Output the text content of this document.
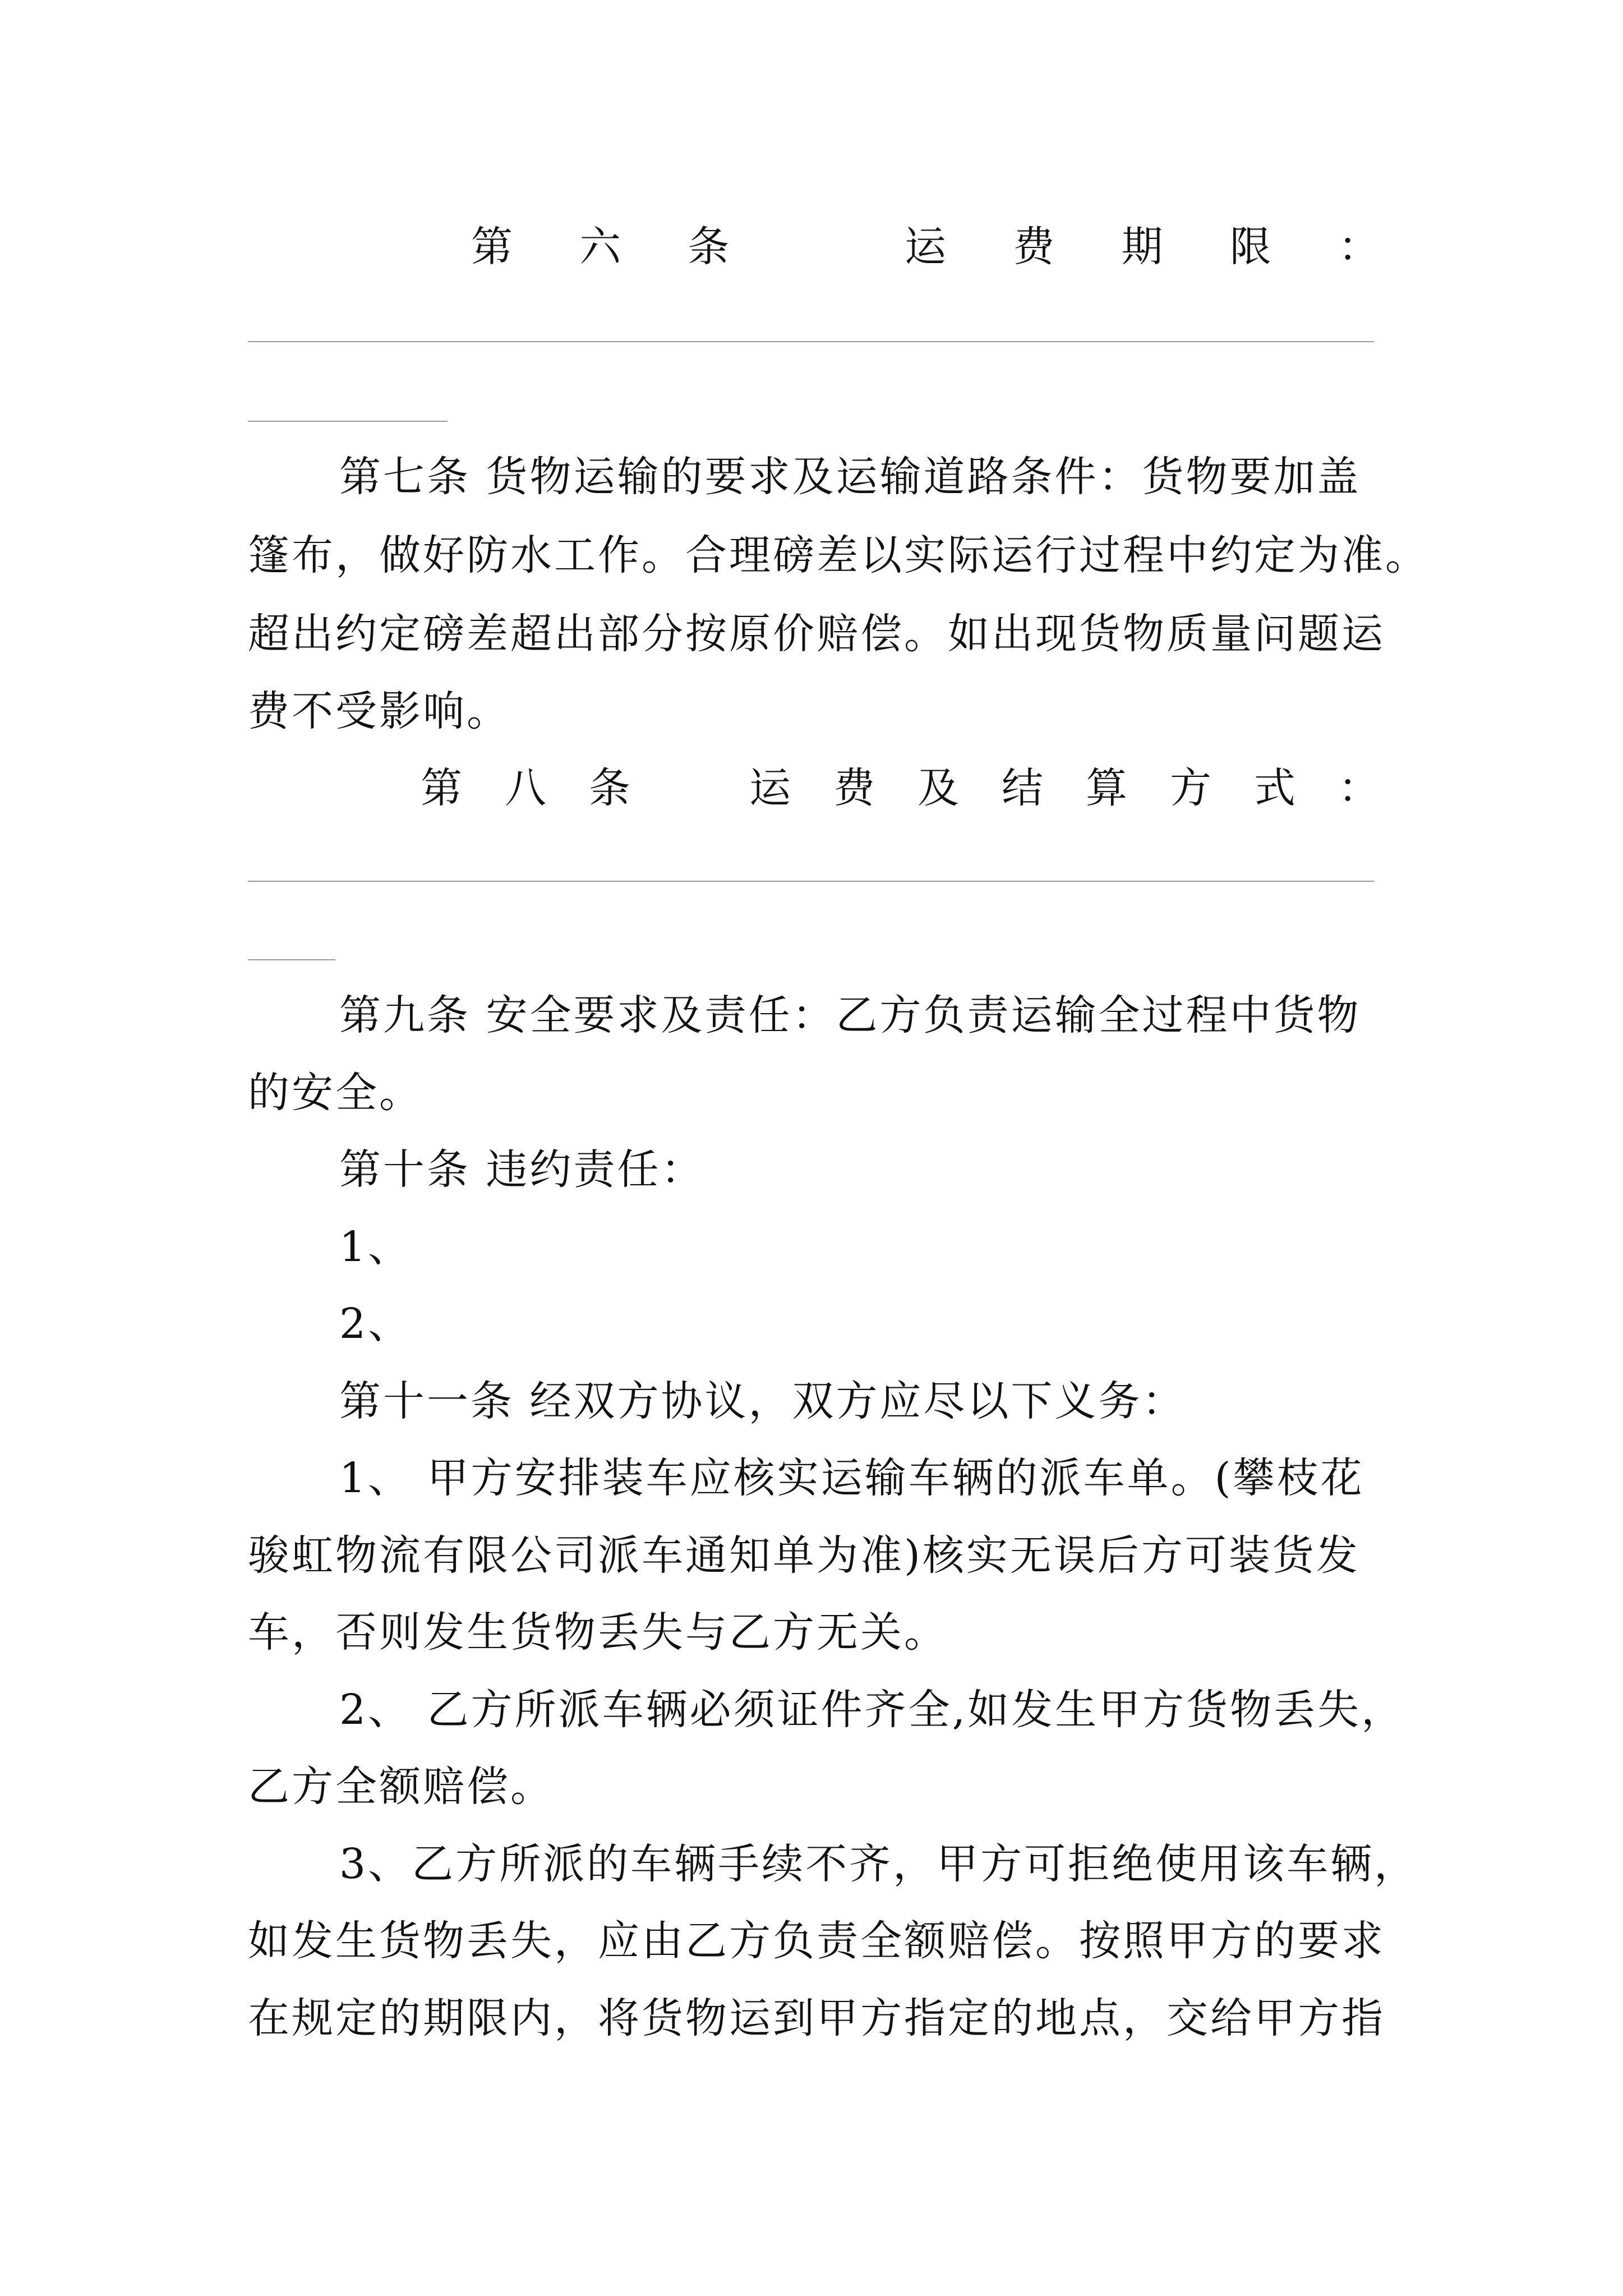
第 六 条	运 费 期 限 ：
第七条 货物运输的要求及运输道路条件：货物要加盖
篷布，做好防水工作。合理磅差以实际运行过程中约定为准。
超出约定磅差超出部分按原价赔偿。如出现货物质量问题运
费不受影响。
第 八 条	运 费 及 结 算 方 式 ：
第九条 安全要求及责任：乙方负责运输全过程中货物
的安全。
第十条 违约责任：
1、
2、
第十一条 经双方协议，双方应尽以下义务：
1、 甲方安排装车应核实运输车辆的派车单。(攀枝花
骏虹物流有限公司派车通知单为准)核实无误后方可装货发
车，否则发生货物丢失与乙方无关。
2、 乙方所派车辆必须证件齐全,如发生甲方货物丢失，
乙方全额赔偿。
3、乙方所派的车辆手续不齐，甲方可拒绝使用该车辆，
如发生货物丢失，应由乙方负责全额赔偿。按照甲方的要求
在规定的期限内，将货物运到甲方指定的地点，交给甲方指
